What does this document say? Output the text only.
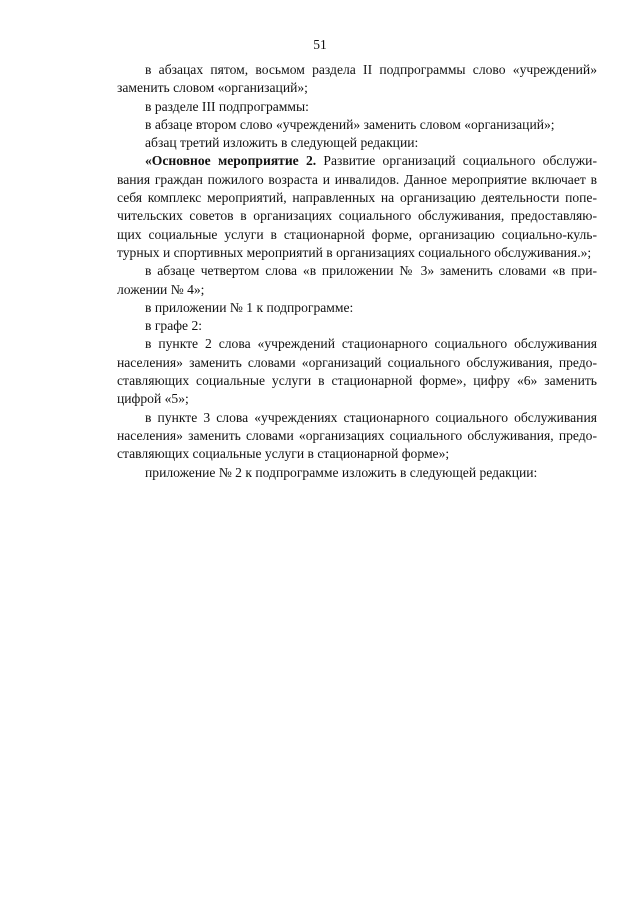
51

в абзацах пятом, восьмом раздела II подпрограммы слово «учреждений» заменить словом «организаций»;

в разделе III подпрограммы:

в абзаце втором слово «учреждений» заменить словом «организаций»;

абзац третий изложить в следующей редакции:

«Основное мероприятие 2. Развитие организаций социального обслуживания граждан пожилого возраста и инвалидов. Данное мероприятие включает в себя комплекс мероприятий, направленных на организацию деятельности попечительских советов в организациях социального обслуживания, предоставляющих социальные услуги в стационарной форме, организацию социально-культурных и спортивных мероприятий в организациях социального обслуживания.»;

в абзаце четвертом слова «в приложении № 3» заменить словами «в приложении № 4»;

в приложении № 1 к подпрограмме:

в графе 2:

в пункте 2 слова «учреждений стационарного социального обслуживания населения» заменить словами «организаций социального обслуживания, предоставляющих социальные услуги в стационарной форме», цифру «6» заменить цифрой «5»;

в пункте 3 слова «учреждениях стационарного социального обслуживания населения» заменить словами «организациях социального обслуживания, предоставляющих социальные услуги в стационарной форме»;

приложение № 2 к подпрограмме изложить в следующей редакции:
